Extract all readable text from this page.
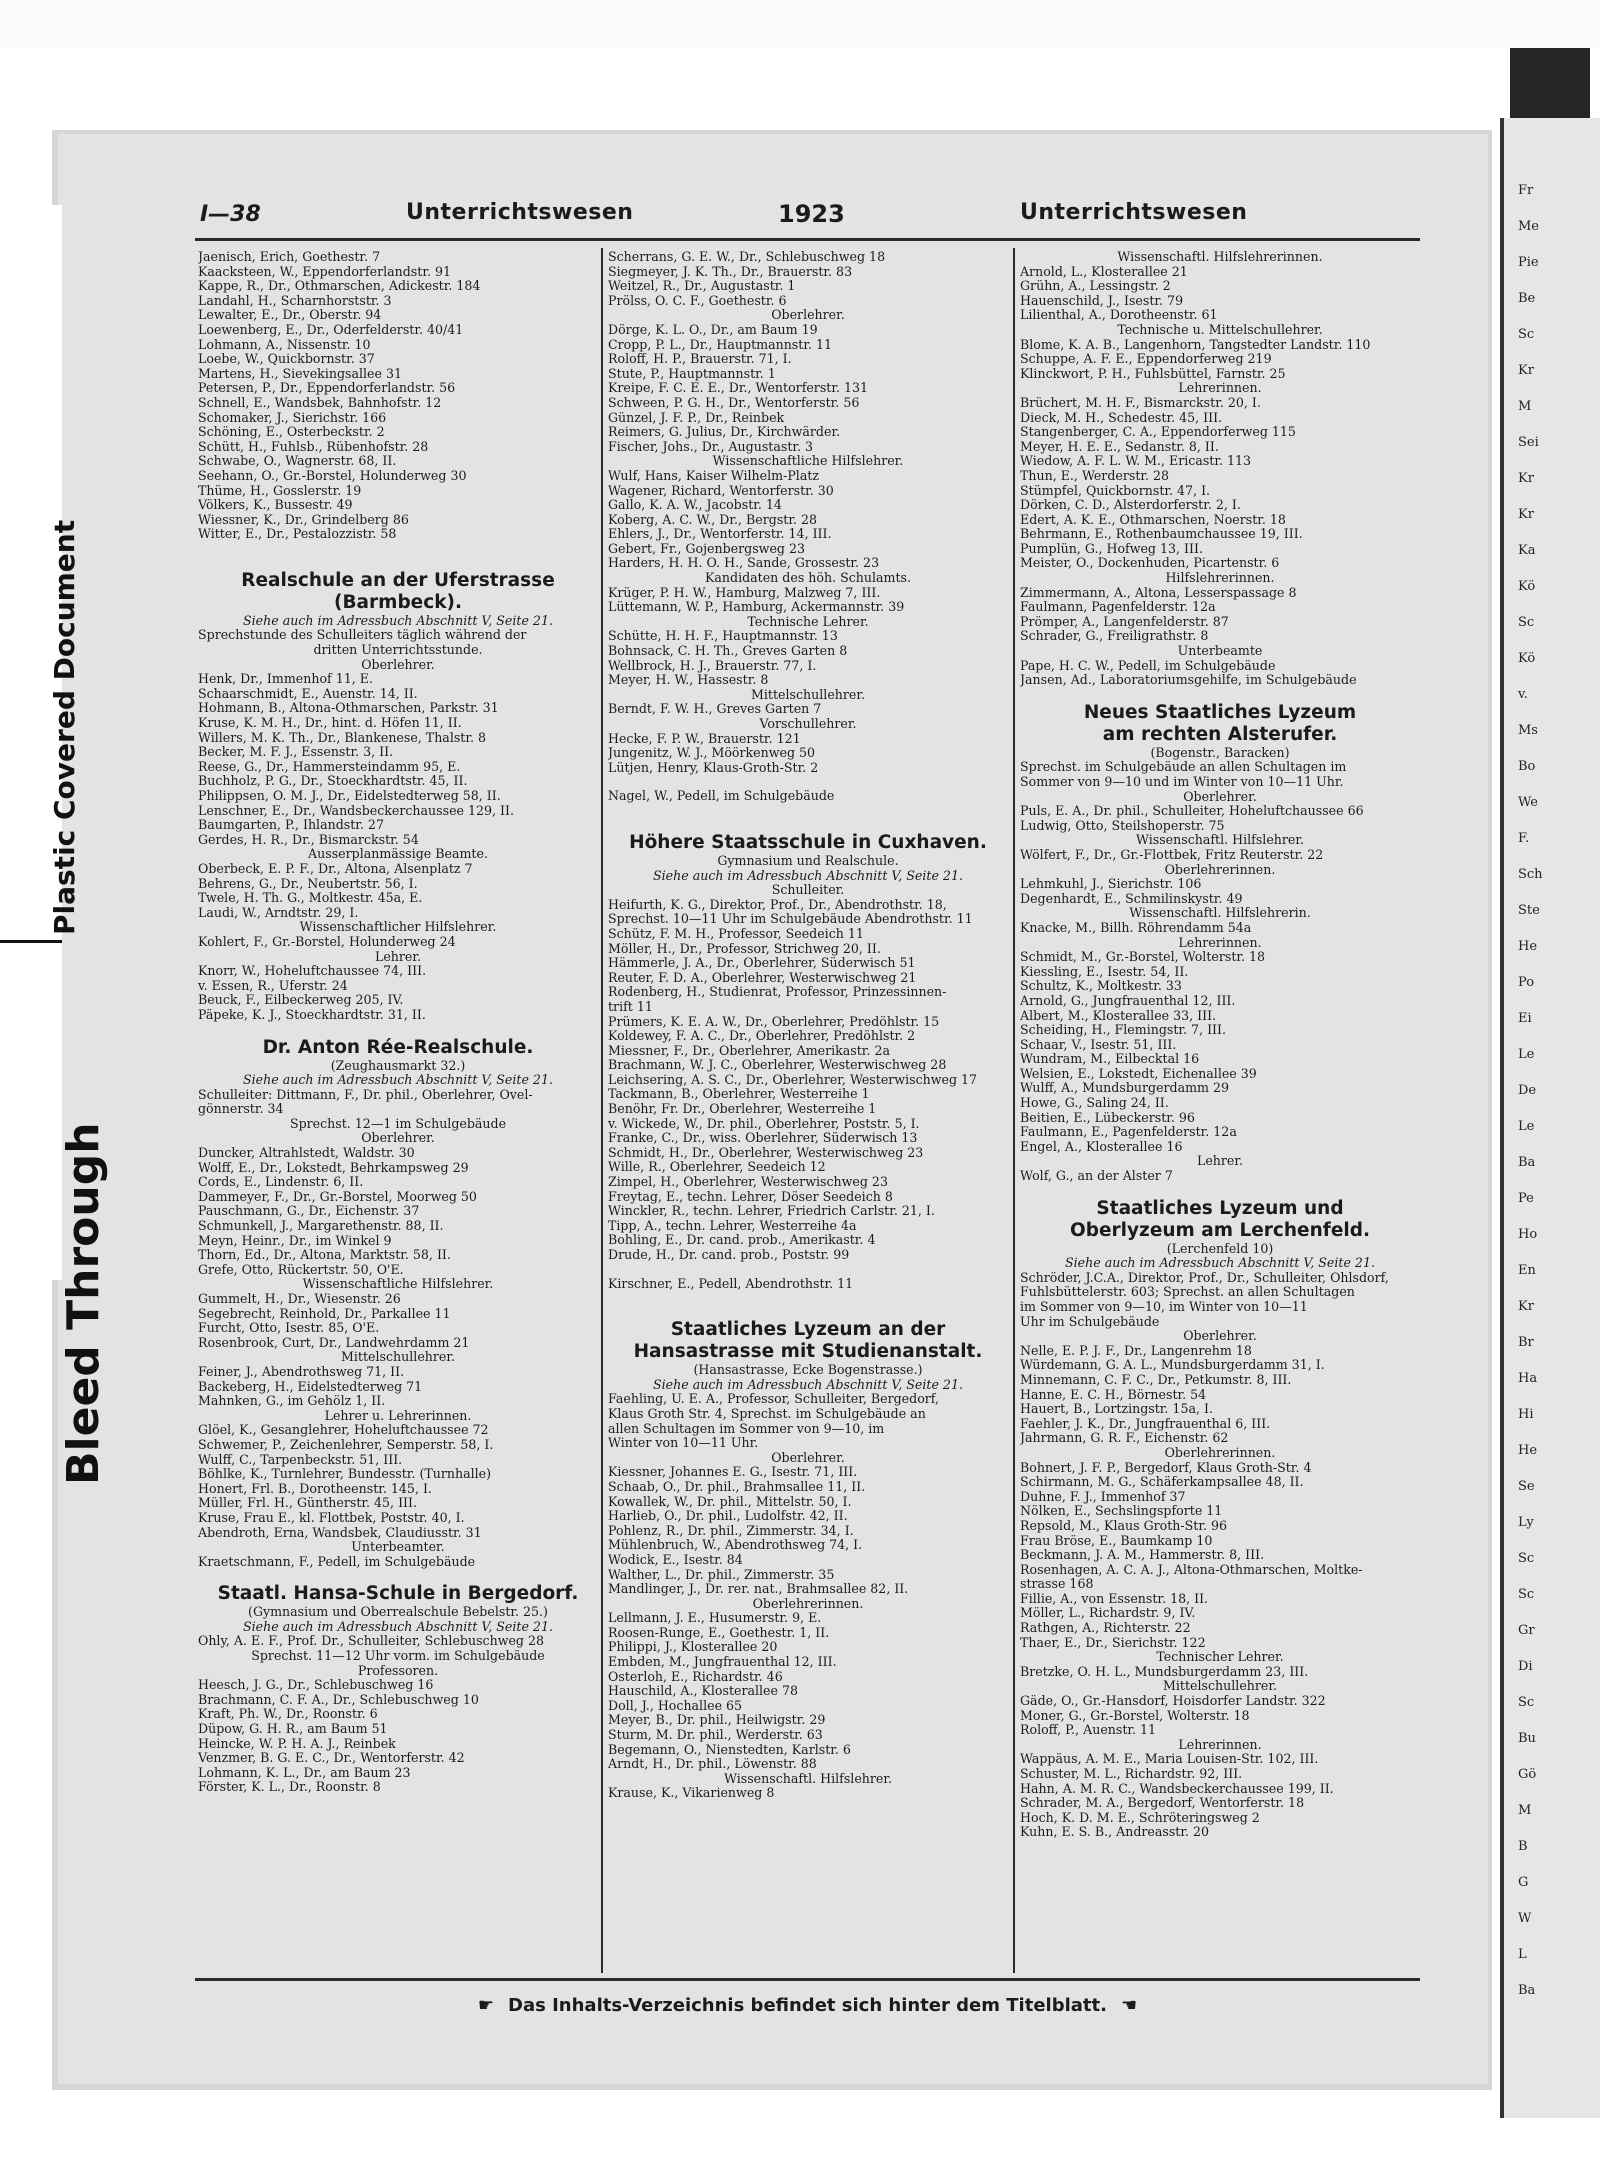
Fr
Me
Pie
Be
Sc
Kr
M
Sei
Kr
Kr
Ka
Kö
Sc
Kö
v.
Ms
Bo
We
F.
Sch
Ste
He
Po
Ei
Le
De
Le
Ba
Pe
Ho
En
Kr
Br
Ha
Hi
He
Se
Ly
Sc
Sc
Gr
Di
Sc
Bu
Gö
M
B
G
W
L
Ba
Plastic Covered Document
Bleed Through
I—38	Unterrichtswesen	1923	Unterrichtswesen
Jaenisch, Erich, Goethestr. 7
Kaacksteen, W., Eppendorferlandstr. 91
Kappe, R., Dr., Othmarschen, Adickestr. 184
Landahl, H., Scharnhorststr. 3
Lewalter, E., Dr., Oberstr. 94
Loewenberg, E., Dr., Oderfelderstr. 40/41
Lohmann, A., Nissenstr. 10
Loebe, W., Quickbornstr. 37
Martens, H., Sievekingsallee 31
Petersen, P., Dr., Eppendorferlandstr. 56
Schnell, E., Wandsbek, Bahnhofstr. 12
Schomaker, J., Sierichstr. 166
Schöning, E., Osterbeckstr. 2
Schütt, H., Fuhlsb., Rübenhofstr. 28
Schwabe, O., Wagnerstr. 68, II.
Seehann, O., Gr.-Borstel, Holunderweg 30
Thüme, H., Gosslerstr. 19
Völkers, K., Bussestr. 49
Wiessner, K., Dr., Grindelberg 86
Witter, E., Dr., Pestalozzistr. 58
Realschule an der Uferstrasse
(Barmbeck).
Siehe auch im Adressbuch Abschnitt V, Seite 21.
Sprechstunde des Schulleiters täglich während der
dritten Unterrichtsstunde.
Oberlehrer.
Henk, Dr., Immenhof 11, E.
Schaarschmidt, E., Auenstr. 14, II.
Hohmann, B., Altona-Othmarschen, Parkstr. 31
Kruse, K. M. H., Dr., hint. d. Höfen 11, II.
Willers, M. K. Th., Dr., Blankenese, Thalstr. 8
Becker, M. F. J., Essenstr. 3, II.
Reese, G., Dr., Hammersteindamm 95, E.
Buchholz, P. G., Dr., Stoeckhardtstr. 45, II.
Philippsen, O. M. J., Dr., Eidelstedterweg 58, II.
Lenschner, E., Dr., Wandsbeckerchaussee 129, II.
Baumgarten, P., Ihlandstr. 27
Gerdes, H. R., Dr., Bismarckstr. 54
Ausserplanmässige Beamte.
Oberbeck, E. P. F., Dr., Altona, Alsenplatz 7
Behrens, G., Dr., Neubertstr. 56, I.
Twele, H. Th. G., Moltkestr. 45a, E.
Laudi, W., Arndtstr. 29, I.
Wissenschaftlicher Hilfslehrer.
Kohlert, F., Gr.-Borstel, Holunderweg 24
Lehrer.
Knorr, W., Hoheluftchaussee 74, III.
v. Essen, R., Uferstr. 24
Beuck, F., Eilbeckerweg 205, IV.
Päpeke, K. J., Stoeckhardtstr. 31, II.
Dr. Anton Rée-Realschule.
(Zeughausmarkt 32.)
Siehe auch im Adressbuch Abschnitt V, Seite 21.
Schulleiter: Dittmann, F., Dr. phil., Oberlehrer, Övel-
gönnerstr. 34
Sprechst. 12—1 im Schulgebäude
Oberlehrer.
Duncker, Altrahlstedt, Waldstr. 30
Wolff, E., Dr., Lokstedt, Behrkampsweg 29
Cords, E., Lindenstr. 6, II.
Dammeyer, F., Dr., Gr.-Borstel, Moorweg 50
Pauschmann, G., Dr., Eichenstr. 37
Schmunkell, J., Margarethenstr. 88, II.
Meyn, Heinr., Dr., im Winkel 9
Thorn, Ed., Dr., Altona, Marktstr. 58, II.
Grefe, Otto, Rückertstr. 50, O'E.
Wissenschaftliche Hilfslehrer.
Gummelt, H., Dr., Wiesenstr. 26
Segebrecht, Reinhold, Dr., Parkallee 11
Furcht, Otto, Isestr. 85, O'E.
Rosenbrook, Curt, Dr., Landwehrdamm 21
Mittelschullehrer.
Feiner, J., Abendrothsweg 71, II.
Backeberg, H., Eidelstedterweg 71
Mahnken, G., im Gehölz 1, II.
Lehrer u. Lehrerinnen.
Glöel, K., Gesanglehrer, Hoheluftchaussee 72
Schwemer, P., Zeichenlehrer, Semperstr. 58, I.
Wulff, C., Tarpenbeckstr. 51, III.
Böhlke, K., Turnlehrer, Bundesstr. (Turnhalle)
Honert, Frl. B., Dorotheenstr. 145, I.
Müller, Frl. H., Güntherstr. 45, III.
Kruse, Frau E., kl. Flottbek, Poststr. 40, I.
Abendroth, Erna, Wandsbek, Claudiusstr. 31
Unterbeamter.
Kraetschmann, F., Pedell, im Schulgebäude
Staatl. Hansa-Schule in Bergedorf.
(Gymnasium und Oberrealschule Bebelstr. 25.)
Siehe auch im Adressbuch Abschnitt V, Seite 21.
Ohly, A. E. F., Prof. Dr., Schulleiter, Schlebuschweg 28
Sprechst. 11—12 Uhr vorm. im Schulgebäude
Professoren.
Heesch, J. G., Dr., Schlebuschweg 16
Brachmann, C. F. A., Dr., Schlebuschweg 10
Kraft, Ph. W., Dr., Roonstr. 6
Düpow, G. H. R., am Baum 51
Heincke, W. P. H. A. J., Reinbek
Venzmer, B. G. E. C., Dr., Wentorferstr. 42
Lohmann, K. L., Dr., am Baum 23
Förster, K. L., Dr., Roonstr. 8
Scherrans, G. E. W., Dr., Schlebuschweg 18
Siegmeyer, J. K. Th., Dr., Brauerstr. 83
Weitzel, R., Dr., Augustastr. 1
Prölss, O. C. F., Goethestr. 6
Oberlehrer.
Dörge, K. L. O., Dr., am Baum 19
Cropp, P. L., Dr., Hauptmannstr. 11
Roloff, H. P., Brauerstr. 71, I.
Stute, P., Hauptmannstr. 1
Kreipe, F. C. E. E., Dr., Wentorferstr. 131
Schween, P. G. H., Dr., Wentorferstr. 56
Günzel, J. F. P., Dr., Reinbek
Reimers, G. Julius, Dr., Kirchwärder.
Fischer, Johs., Dr., Augustastr. 3
Wissenschaftliche Hilfslehrer.
Wulf, Hans, Kaiser Wilhelm-Platz
Wagener, Richard, Wentorferstr. 30
Gallo, K. A. W., Jacobstr. 14
Koberg, A. C. W., Dr., Bergstr. 28
Ehlers, J., Dr., Wentorferstr. 14, III.
Gebert, Fr., Gojenbergsweg 23
Harders, H. H. O. H., Sande, Grossestr. 23
Kandidaten des höh. Schulamts.
Krüger, P. H. W., Hamburg, Malzweg 7, III.
Lüttemann, W. P., Hamburg, Ackermannstr. 39
Technische Lehrer.
Schütte, H. H. F., Hauptmannstr. 13
Bohnsack, C. H. Th., Greves Garten 8
Wellbrock, H. J., Brauerstr. 77, I.
Meyer, H. W., Hassestr. 8
Mittelschullehrer.
Berndt, F. W. H., Greves Garten 7
Vorschullehrer.
Hecke, F. P. W., Brauerstr. 121
Jungenitz, W. J., Möörkenweg 50
Lütjen, Henry, Klaus-Groth-Str. 2
Nagel, W., Pedell, im Schulgebäude
Höhere Staatsschule in Cuxhaven.
Gymnasium und Realschule.
Siehe auch im Adressbuch Abschnitt V, Seite 21.
Schulleiter.
Heifurth, K. G., Direktor, Prof., Dr., Abendrothstr. 18,
Sprechst. 10—11 Uhr im Schulgebäude Abendrothstr. 11
Schütz, F. M. H., Professor, Seedeich 11
Möller, H., Dr., Professor, Strichweg 20, II.
Hämmerle, J. A., Dr., Oberlehrer, Süderwisch 51
Reuter, F. D. A., Oberlehrer, Westerwischweg 21
Rodenberg, H., Studienrat, Professor, Prinzessinnen-
trift 11
Prümers, K. E. A. W., Dr., Oberlehrer, Predöhlstr. 15
Koldewey, F. A. C., Dr., Oberlehrer, Predöhlstr. 2
Miessner, F., Dr., Oberlehrer, Amerikastr. 2a
Brachmann, W. J. C., Oberlehrer, Westerwischweg 28
Leichsering, A. S. C., Dr., Oberlehrer, Westerwischweg 17
Tackmann, B., Oberlehrer, Westerreihe 1
Benöhr, Fr. Dr., Oberlehrer, Westerreihe 1
v. Wickede, W., Dr. phil., Oberlehrer, Poststr. 5, I.
Franke, C., Dr., wiss. Oberlehrer, Süderwisch 13
Schmidt, H., Dr., Oberlehrer, Westerwischweg 23
Wille, R., Oberlehrer, Seedeich 12
Zimpel, H., Oberlehrer, Westerwischweg 23
Freytag, E., techn. Lehrer, Döser Seedeich 8
Winckler, R., techn. Lehrer, Friedrich Carlstr. 21, I.
Tipp, A., techn. Lehrer, Westerreihe 4a
Bohling, E., Dr. cand. prob., Amerikastr. 4
Drude, H., Dr. cand. prob., Poststr. 99
Kirschner, E., Pedell, Abendrothstr. 11
Staatliches Lyzeum an der
Hansastrasse mit Studienanstalt.
(Hansastrasse, Ecke Bogenstrasse.)
Siehe auch im Adressbuch Abschnitt V, Seite 21.
Faehling, U. E. A., Professor, Schulleiter, Bergedorf,
Klaus Groth Str. 4, Sprechst. im Schulgebäude an
allen Schultagen im Sommer von 9—10, im
Winter von 10—11 Uhr.
Oberlehrer.
Kiessner, Johannes E. G., Isestr. 71, III.
Schaab, O., Dr. phil., Brahmsallee 11, II.
Kowallek, W., Dr. phil., Mittelstr. 50, I.
Harlieb, O., Dr. phil., Ludolfstr. 42, II.
Pohlenz, R., Dr. phil., Zimmerstr. 34, I.
Mühlenbruch, W., Abendrothsweg 74, I.
Wodick, E., Isestr. 84
Walther, L., Dr. phil., Zimmerstr. 35
Mandlinger, J., Dr. rer. nat., Brahmsallee 82, II.
Oberlehrerinnen.
Lellmann, J. E., Husumerstr. 9, E.
Roosen-Runge, E., Goethestr. 1, II.
Philippi, J., Klosterallee 20
Embden, M., Jungfrauenthal 12, III.
Osterloh, E., Richardstr. 46
Hauschild, A., Klosterallee 78
Doll, J., Hochallee 65
Meyer, B., Dr. phil., Heilwigstr. 29
Sturm, M. Dr. phil., Werderstr. 63
Begemann, O., Nienstedten, Karlstr. 6
Arndt, H., Dr. phil., Löwenstr. 88
Wissenschaftl. Hilfslehrer.
Krause, K., Vikarienweg 8
Wissenschaftl. Hilfslehrerinnen.
Arnold, L., Klosterallee 21
Grühn, A., Lessingstr. 2
Hauenschild, J., Isestr. 79
Lilienthal, A., Dorotheenstr. 61
Technische u. Mittelschullehrer.
Blome, K. A. B., Langenhorn, Tangstedter Landstr. 110
Schuppe, A. F. E., Eppendorferweg 219
Klinckwort, P. H., Fuhlsbüttel, Farnstr. 25
Lehrerinnen.
Brüchert, M. H. F., Bismarckstr. 20, I.
Dieck, M. H., Schedestr. 45, III.
Stangenberger, C. A., Eppendorferweg 115
Meyer, H. E. E., Sedanstr. 8, II.
Wiedow, A. F. L. W. M., Ericastr. 113
Thun, E., Werderstr. 28
Stümpfel, Quickbornstr. 47, I.
Dörken, C. D., Alsterdorferstr. 2, I.
Edert, A. K. E., Othmarschen, Noerstr. 18
Behrmann, E., Rothenbaumchaussee 19, III.
Pumplün, G., Hofweg 13, III.
Meister, O., Dockenhuden, Picartenstr. 6
Hilfslehrerinnen.
Zimmermann, A., Altona, Lesserspassage 8
Faulmann, Pagenfelderstr. 12a
Prömper, A., Langenfelderstr. 87
Schrader, G., Freiligrathstr. 8
Unterbeamte
Pape, H. C. W., Pedell, im Schulgebäude
Jansen, Ad., Laboratoriumsgehilfe, im Schulgebäude
Neues Staatliches Lyzeum
am rechten Alsterufer.
(Bogenstr., Baracken)
Sprechst. im Schulgebäude an allen Schultagen im
Sommer von 9—10 und im Winter von 10—11 Uhr.
Oberlehrer.
Puls, E. A., Dr. phil., Schulleiter, Hoheluftchaussee 66
Ludwig, Otto, Steilshoperstr. 75
Wissenschaftl. Hilfslehrer.
Wölfert, F., Dr., Gr.-Flottbek, Fritz Reuterstr. 22
Oberlehrerinnen.
Lehmkuhl, J., Sierichstr. 106
Degenhardt, E., Schmilinskystr. 49
Wissenschaftl. Hilfslehrerin.
Knacke, M., Billh. Röhrendamm 54a
Lehrerinnen.
Schmidt, M., Gr.-Borstel, Wolterstr. 18
Kiessling, E., Isestr. 54, II.
Schultz, K., Moltkestr. 33
Arnold, G., Jungfrauenthal 12, III.
Albert, M., Klosterallee 33, III.
Scheiding, H., Flemingstr. 7, III.
Schaar, V., Isestr. 51, III.
Wundram, M., Eilbecktal 16
Welsien, E., Lokstedt, Eichenallee 39
Wulff, A., Mundsburgerdamm 29
Howe, G., Saling 24, II.
Beitien, E., Lübeckerstr. 96
Faulmann, E., Pagenfelderstr. 12a
Engel, A., Klosterallee 16
Lehrer.
Wolf, G., an der Alster 7
Staatliches Lyzeum und
Oberlyzeum am Lerchenfeld.
(Lerchenfeld 10)
Siehe auch im Adressbuch Abschnitt V, Seite 21.
Schröder, J.C.A., Direktor, Prof., Dr., Schulleiter, Ohlsdorf,
Fuhlsbüttelerstr. 603; Sprechst. an allen Schultagen
im Sommer von 9—10, im Winter von 10—11
Uhr im Schulgebäude
Oberlehrer.
Nelle, E. P. J. F., Dr., Langenrehm 18
Würdemann, G. A. L., Mundsburgerdamm 31, I.
Minnemann, C. F. C., Dr., Petkumstr. 8, III.
Hanne, E. C. H., Börnestr. 54
Hauert, B., Lortzingstr. 15a, I.
Faehler, J. K., Dr., Jungfrauenthal 6, III.
Jahrmann, G. R. F., Eichenstr. 62
Oberlehrerinnen.
Bohnert, J. F. P., Bergedorf, Klaus Groth-Str. 4
Schirmann, M. G., Schäferkampsallee 48, II.
Duhne, F. J., Immenhof 37
Nölken, E., Sechslingspforte 11
Repsold, M., Klaus Groth-Str. 96
Frau Bröse, E., Baumkamp 10
Beckmann, J. A. M., Hammerstr. 8, III.
Rosenhagen, A. C. A. J., Altona-Othmarschen, Moltke-
strasse 168
Fillie, A., von Essenstr. 18, II.
Möller, L., Richardstr. 9, IV.
Rathgen, A., Richterstr. 22
Thaer, E., Dr., Sierichstr. 122
Technischer Lehrer.
Bretzke, O. H. L., Mundsburgerdamm 23, III.
Mittelschullehrer.
Gäde, O., Gr.-Hansdorf, Hoisdorfer Landstr. 322
Moner, G., Gr.-Borstel, Wolterstr. 18
Roloff, P., Auenstr. 11
Lehrerinnen.
Wappäus, A. M. E., Maria Louisen-Str. 102, III.
Schuster, M. L., Richardstr. 92, III.
Hahn, A. M. R. C., Wandsbeckerchaussee 199, II.
Schrader, M. A., Bergedorf, Wentorferstr. 18
Hoch, K. D. M. E., Schröteringsweg 2
Kuhn, E. S. B., Andreasstr. 20
☛ Das Inhalts-Verzeichnis befindet sich hinter dem Titelblatt. ☚
